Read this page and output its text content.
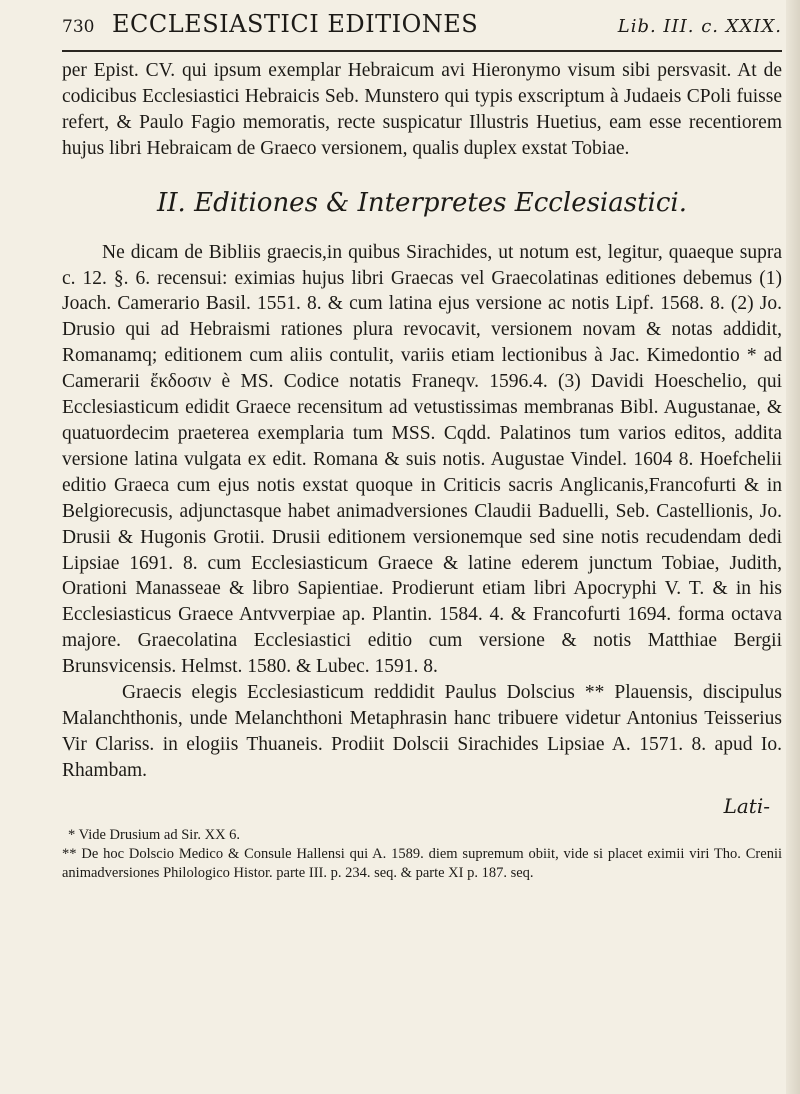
730 ECCLESIASTICI EDITIONES	Lib. III. c. XXIX.

per Epist. CV. qui ipsum exemplar Hebraicum avi Hieronymo visum sibi persvasit. At de codicibus Ecclesiastici Hebraicis Seb. Munstero qui typis exscriptum à Judaeis CPoli fuisse refert, & Paulo Fagio memoratis, recte suspicatur Illustris Huetius, eam esse recentiorem hujus libri Hebraicam de Graeco versionem, qualis duplex exstat Tobiae.

II. Editiones & Interpretes Ecclesiastici.

Ne dicam de Bibliis graecis,in quibus Sirachides, ut notum est, legitur, quaeque supra c. 12. §. 6. recensui: eximias hujus libri Graecas vel Graecolatinas editiones debemus (1) Joach. Camerario Basil. 1551. 8. & cum latina ejus versione ac notis Lipf. 1568. 8. (2) Jo. Drusio qui ad Hebraismi rationes plura revocavit, versionem novam & notas addidit, Romanamq; editionem cum aliis contulit, variis etiam lectionibus à Jac. Kimedontio * ad Camerarii ἔκδοσιν è MS. Codice notatis Franeqv. 1596.4. (3) Davidi Hoeschelio, qui Ecclesiasticum edidit Graece recensitum ad vetustissimas membranas Bibl. Augustanae, & quatuordecim praeterea exemplaria tum MSS. Cqdd. Palatinos tum varios editos, addita versione latina vulgata ex edit. Romana & suis notis. Augustae Vindel. 1604 8. Hoefchelii editio Graeca cum ejus notis exstat quoque in Criticis sacris Anglicanis,Francofurti & in Belgiorecusis, adjunctasque habet animadversiones Claudii Baduelli, Seb. Castellionis, Jo. Drusii & Hugonis Grotii. Drusii editionem versionemque sed sine notis recudendam dedi Lipsiae 1691. 8. cum Ecclesiasticum Graece & latine ederem junctum Tobiae, Judith, Orationi Manasseae & libro Sapientiae. Prodierunt etiam libri Apocryphi V. T. & in his Ecclesiasticus Graece Antvverpiae ap. Plantin. 1584. 4. & Francofurti 1694. forma octava majore. Graecolatina Ecclesiastici editio cum versione & notis Matthiae Bergii Brunsvicensis. Helmst. 1580. & Lubec. 1591. 8.

Graecis elegis Ecclesiasticum reddidit Paulus Dolscius ** Plauensis, discipulus Malanchthonis, unde Melanchthoni Metaphrasin hanc tribuere videtur Antonius Teisserius Vir Clariss. in elogiis Thuaneis. Prodiit Dolscii Sirachides Lipsiae A. 1571. 8. apud Io. Rhambam.

Lati-

* Vide Drusium ad Sir. XX 6.

** De hoc Dolscio Medico & Consule Hallensi qui A. 1589. diem supremum obiit, vide si placet eximii viri Tho. Crenii animadversiones Philologico Histor. parte III. p. 234. seq. & parte XI p. 187. seq.
